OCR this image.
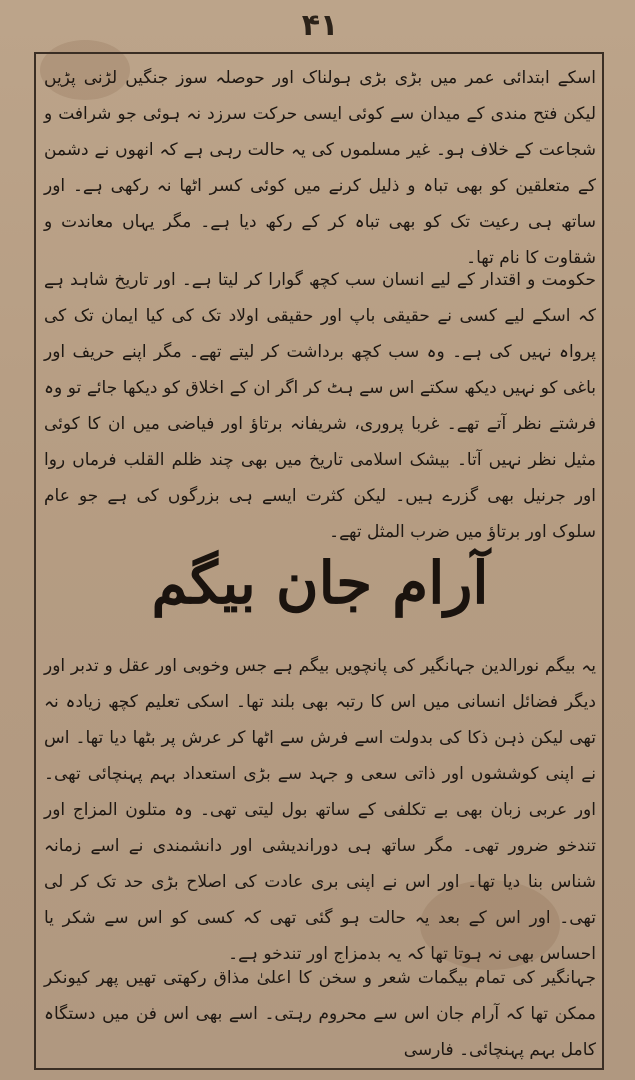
۴۱
اسکے ابتدائی عمر میں بڑی بڑی ہولناک اور حوصلہ سوز جنگیں لڑنی پڑیں لیکن فتح مندی کے میدان سے کوئی ایسی حرکت سرزد نہ ہوئی جو شرافت و شجاعت کے خلاف ہو۔ غیر مسلموں کی یہ حالت رہی ہے کہ انھوں نے دشمن کے متعلقین کو بھی تباہ و ذلیل کرنے میں کوئی کسر اٹھا نہ رکھی ہے۔ اور ساتھ ہی رعیت تک کو بھی تباہ کر کے رکھ دیا ہے۔ مگر یہاں معاندت و شقاوت کا نام تھا۔
حکومت و اقتدار کے لیے انسان سب کچھ گوارا کر لیتا ہے۔ اور تاریخ شاہد ہے کہ اسکے لیے کسی نے حقیقی باپ اور حقیقی اولاد تک کی کیا ایمان تک کی پرواہ نہیں کی ہے۔ وہ سب کچھ برداشت کر لیتے تھے۔ مگر اپنے حریف اور باغی کو نہیں دیکھ سکتے اس سے ہٹ کر اگر ان کے اخلاق کو دیکھا جائے تو وہ فرشتے نظر آتے تھے۔ غربا پروری، شریفانہ برتاؤ اور فیاضی میں ان کا کوئی مثیل نظر نہیں آتا۔ بیشک اسلامی تاریخ میں بھی چند ظلم القلب فرماں روا اور جرنیل بھی گزرے ہیں۔ لیکن کثرت ایسے ہی بزرگوں کی ہے جو عام سلوک اور برتاؤ میں ضرب المثل تھے۔
آرام جان بیگم
یہ بیگم نورالدین جہانگیر کی پانچویں بیگم ہے جس وخوبی اور عقل و تدبر اور دیگر فضائل انسانی میں اس کا رتبہ بھی بلند تھا۔ اسکی تعلیم کچھ زیادہ نہ تھی لیکن ذہن ذکا کی بدولت اسے فرش سے اٹھا کر عرش پر بٹھا دیا تھا۔ اس نے اپنی کوششوں اور ذاتی سعی و جہد سے بڑی استعداد بہم پہنچائی تھی۔ اور عربی زبان بھی بے تکلفی کے ساتھ بول لیتی تھی۔ وہ متلون المزاج اور تندخو ضرور تھی۔ مگر ساتھ ہی دوراندیشی اور دانشمندی نے اسے زمانہ شناس بنا دیا تھا۔ اور اس نے اپنی بری عادت کی اصلاح بڑی حد تک کر لی تھی۔ اور اس کے بعد یہ حالت ہو گئی تھی کہ کسی کو اس سے شکر یا احساس بھی نہ ہوتا تھا کہ یہ بدمزاج اور تندخو ہے۔
جہانگیر کی تمام بیگمات شعر و سخن کا اعلیٰ مذاق رکھتی تھیں پھر کیونکر ممکن تھا کہ آرام جان اس سے محروم رہتی۔ اسے بھی اس فن میں دستگاہ کامل بہم پہنچائی۔ فارسی
